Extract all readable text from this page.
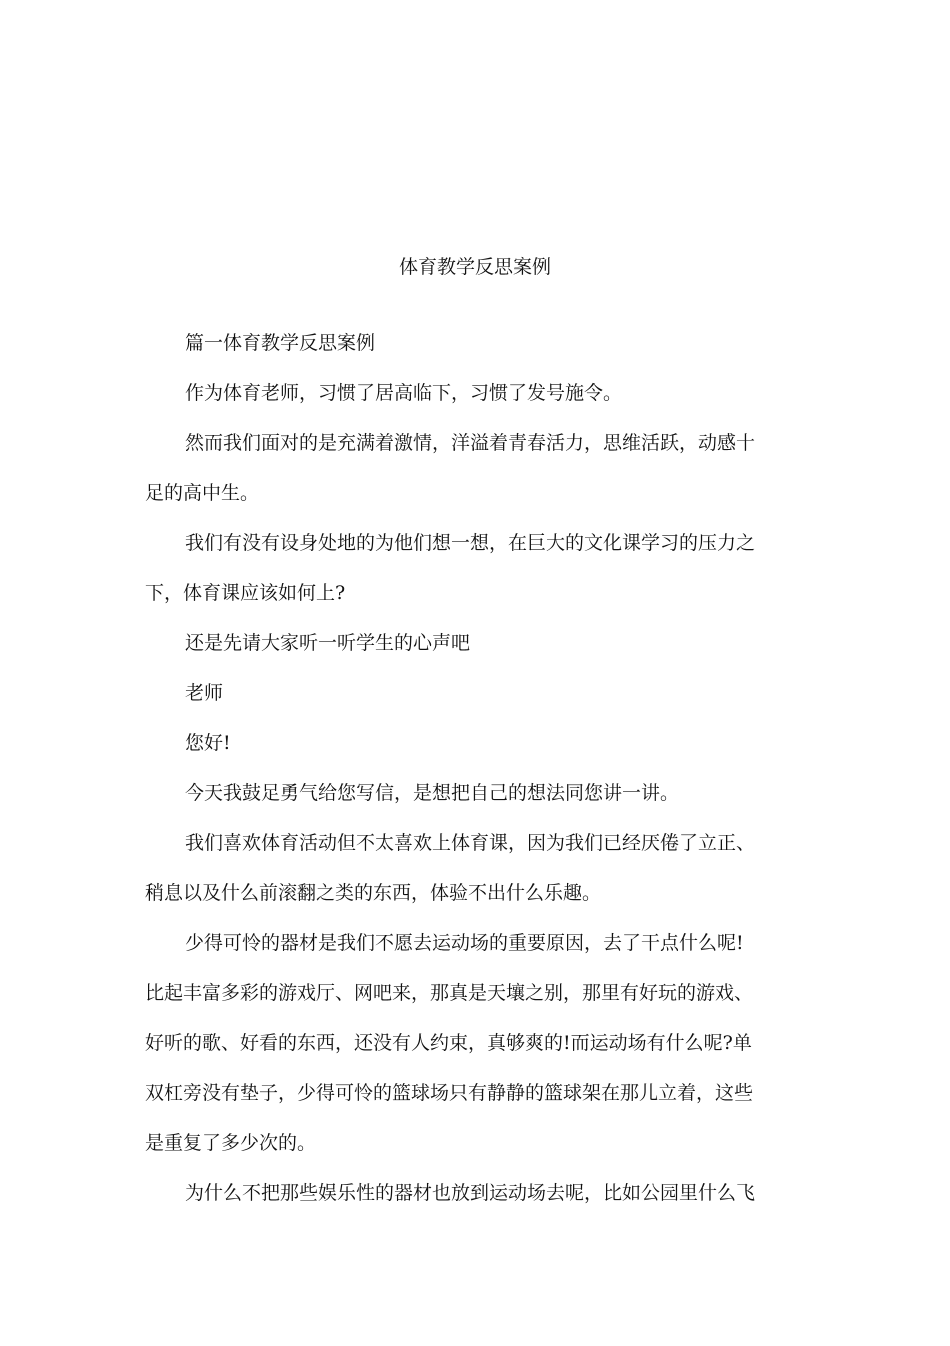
体育教学反思案例

篇一体育教学反思案例

作为体育老师，习惯了居高临下，习惯了发号施令。

然而我们面对的是充满着激情，洋溢着青春活力，思维活跃，动感十足的高中生。

我们有没有设身处地的为他们想一想，在巨大的文化课学习的压力之下，体育课应该如何上?

还是先请大家听一听学生的心声吧

老师

您好!

今天我鼓足勇气给您写信，是想把自己的想法同您讲一讲。

我们喜欢体育活动但不太喜欢上体育课，因为我们已经厌倦了立正、稍息以及什么前滚翻之类的东西，体验不出什么乐趣。

少得可怜的器材是我们不愿去运动场的重要原因，去了干点什么呢!比起丰富多彩的游戏厅、网吧来，那真是天壤之别，那里有好玩的游戏、好听的歌、好看的东西，还没有人约束，真够爽的!而运动场有什么呢?单双杠旁没有垫子，少得可怜的篮球场只有静静的篮球架在那儿立着，这些是重复了多少次的。

为什么不把那些娱乐性的器材也放到运动场去呢，比如公园里什么飞
